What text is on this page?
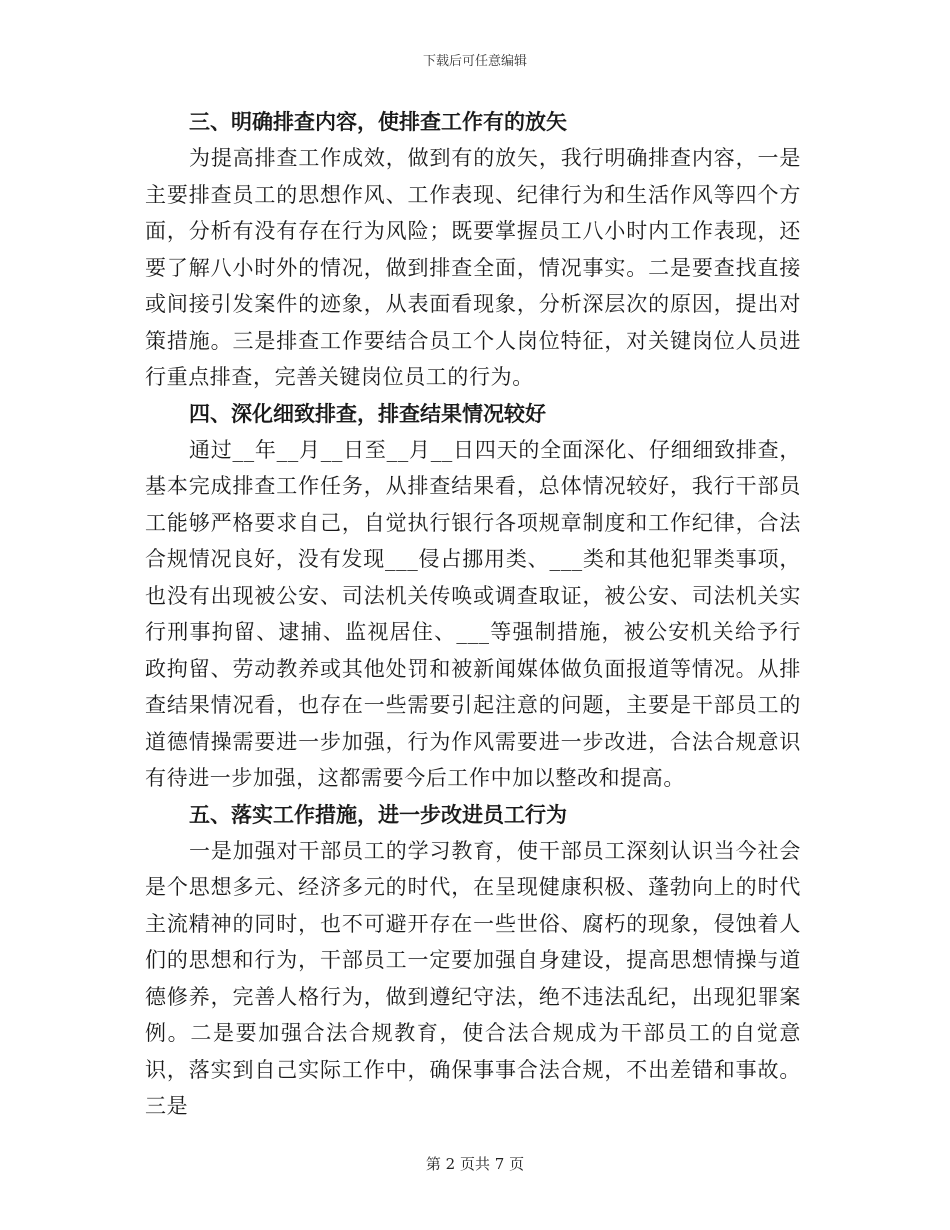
下载后可任意编辑
三、明确排查内容，使排查工作有的放矢

为提高排查工作成效，做到有的放矢，我行明确排查内容，一是主要排查员工的思想作风、工作表现、纪律行为和生活作风等四个方面，分析有没有存在行为风险；既要掌握员工八小时内工作表现，还要了解八小时外的情况，做到排查全面，情况事实。二是要查找直接或间接引发案件的迹象，从表面看现象，分析深层次的原因，提出对策措施。三是排查工作要结合员工个人岗位特征，对关键岗位人员进行重点排查，完善关键岗位员工的行为。

四、深化细致排查，排查结果情况较好

通过__年__月__日至__月__日四天的全面深化、仔细细致排查，基本完成排查工作任务，从排查结果看，总体情况较好，我行干部员工能够严格要求自己，自觉执行银行各项规章制度和工作纪律，合法合规情况良好，没有发现___侵占挪用类、___类和其他犯罪类事项，也没有出现被公安、司法机关传唤或调查取证，被公安、司法机关实行刑事拘留、逮捕、监视居住、___等强制措施，被公安机关给予行政拘留、劳动教养或其他处罚和被新闻媒体做负面报道等情况。从排查结果情况看，也存在一些需要引起注意的问题，主要是干部员工的道德情操需要进一步加强，行为作风需要进一步改进，合法合规意识有待进一步加强，这都需要今后工作中加以整改和提高。

五、落实工作措施，进一步改进员工行为

一是加强对干部员工的学习教育，使干部员工深刻认识当今社会是个思想多元、经济多元的时代，在呈现健康积极、蓬勃向上的时代主流精神的同时，也不可避开存在一些世俗、腐朽的现象，侵蚀着人们的思想和行为，干部员工一定要加强自身建设，提高思想情操与道德修养，完善人格行为，做到遵纪守法，绝不违法乱纪，出现犯罪案例。二是要加强合法合规教育，使合法合规成为干部员工的自觉意识，落实到自己实际工作中，确保事事合法合规，不出差错和事故。三是

第 2 页共 7 页
